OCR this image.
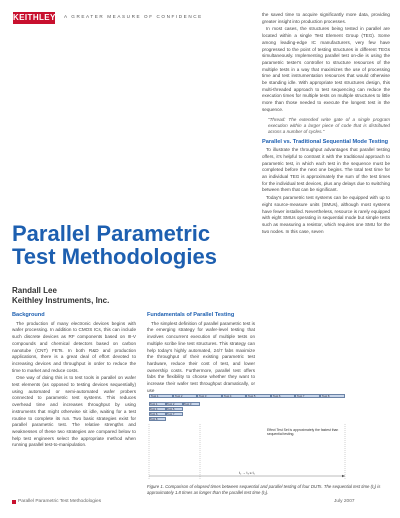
KEITHLEY A GREATER MEASURE OF CONFIDENCE	the saved time to acquire significantly more data, providing greater insight into production processes.

In most cases, the structures being tested in parallel are located within a single Test Element Group (TEG). Some among leading-edge IC manufacturers, very few have progressed to the point of testing structures in different TEGs simultaneously. Implementing parallel test on-die is using the parametric tester's controller to structure resources of the multiple tests in a way that maximizes the use of processing time and test instrumentation resources that would otherwise be standing idle. With appropriate test structures design, this multi-threaded approach to test sequencing can reduce the execution times for multiple tests on multiple structures to little more than those needed to execute the longest test in the sequence.

"Thread: The extended write gate of a single program execution within a larger piece of code that is distributed across a number of cycles."
Parallel vs. Traditional Sequential Mode Testing

To illustrate the throughput advantages that parallel testing offers, it's helpful to contrast it with the traditional approach to parametric test, in which each test in the sequence must be completed before the next one begins. The total test time for an individual TEG is approximately the sum of the test times for the individual test devices, plus any delays due to switching between them that can be significant.

Today's parametric test systems can be equipped with up to eight source-measure units (SMUs), although most systems have fewer installed. Nevertheless, resource is rarely equipped with eight SMUs operating in sequential mode but simple tests such as measuring a resistor, which requires one SMU for the two nodes. In this case, seven

Parallel Parametric
Test Methodologies
Randall Lee
Keithley Instruments, Inc.
Background

The production of many electronic devices begins with wafer processing. In addition to CMOS ICs, this can include such discrete devices as RF components based on III-V compounds and chemical detectors based on carbon nanotube (CNT) FETs. In both R&D and production applications, there is a great deal of effort devoted to increasing devices and throughput in order to reduce the time to market and reduce costs.

One way of doing this is to test tools in parallel on wafer test elements (as opposed to testing devices sequentially) using automated or semi-automated wafer probers connected to parametric test systems. This reduces overhead time and increases throughput by using instruments that might otherwise sit idle, waiting for a test routine to complete its run. Two basic strategies exist for parallel parametric test. The relative strengths and weaknesses of these two strategies are compared below to help test engineers select the appropriate method when running parallel test-to-manipulation.

Fundamentals of Parallel Testing

The simplest definition of parallel parametric test is the emerging strategy for wafer-level testing that involves concurrent execution of multiple tests on multiple scribe line test structures. This strategy can help today's highly automated, 24/7 fabs maximize the throughput of their existing parametric test hardware, reduce their cost of test, and lower ownership costs. Furthermore, parallel test offers fabs the flexibility to choose whether they want to increase their wafer test throughput dramatically, or use

Test 1	Test 2	Test 3	Test 4	Test 5	Test 6	Test 7	Test 8
Test 1	Test 2	Test 3
Test 4	Test 5
Test 6	Test 7
Test 8
Effect Test Set is approximately the fastest than sequential testing.
t₂ → t₃ ≤ t₁
Figure 1. Comparison of elapsed times between sequential and parallel testing of four DUTs. The sequential test time (t₁) is approximately 1.8 times as longer than the parallel test time (t₂).
Parallel Parametric Test Methodologies	July 2007
